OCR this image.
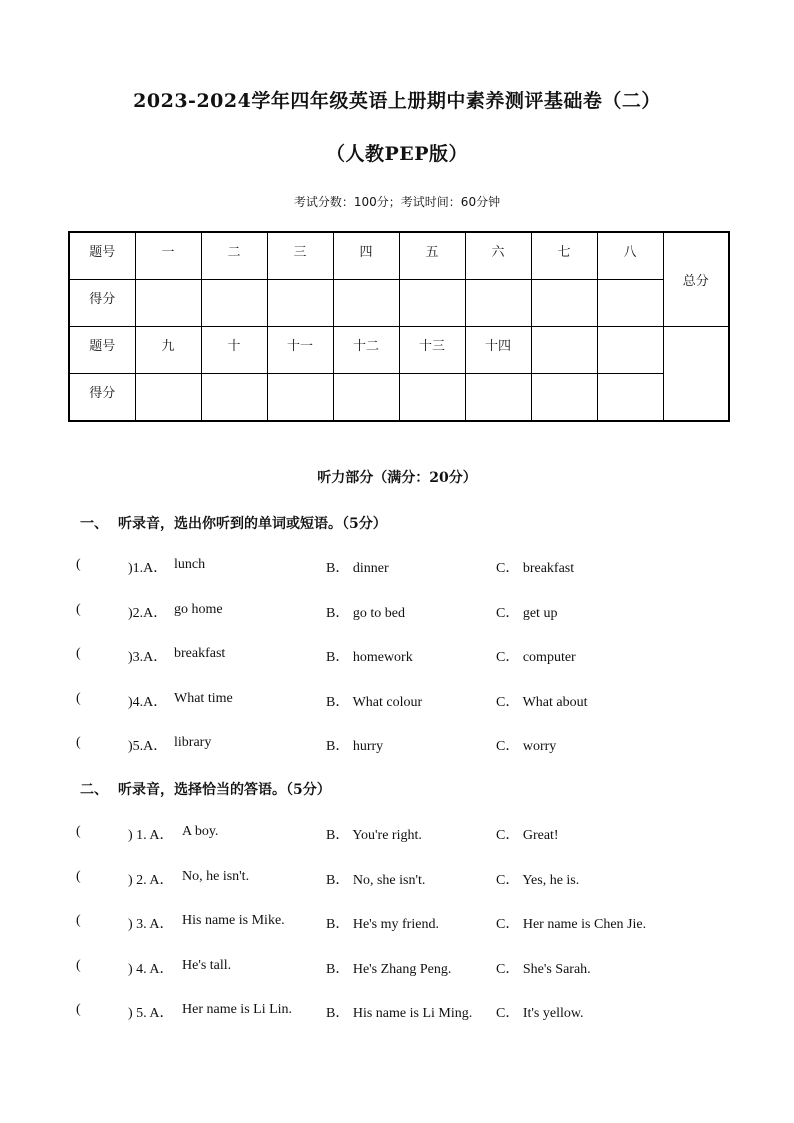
2023-2024学年四年级英语上册期中素养测评基础卷（二）
（人教PEP版）
考试分数：100分；考试时间：60分钟
题号	一	二	三	四	五	六	七	八	总分
得分									
题号	九	十	十一	十二	十三	十四			
得分									
听力部分（满分：20分）
一、 听录音，选出你听到的单词或短语。（5分）
(	)1.A． lunch	B． dinner	C． breakfast
(	)2.A． go home	B． go to bed	C． get up
(	)3.A． breakfast	B． homework	C． computer
(	)4.A． What time	B． What colour	C． What about
(	)5.A． library	B． hurry	C． worry
二、 听录音，选择恰当的答语。（5分）
(	) 1. A． A boy.	B． You're right.	C． Great!
(	) 2. A． No, he isn't.	B． No, she isn't.	C． Yes, he is.
(	) 3. A． His name is Mike.	B． He's my friend.	C． Her name is Chen Jie.
(	) 4. A． He's tall.	B． He's Zhang Peng.	C． She's Sarah.
(	) 5. A． Her name is Li Lin. B． His name is Li Ming. C． It's yellow.
